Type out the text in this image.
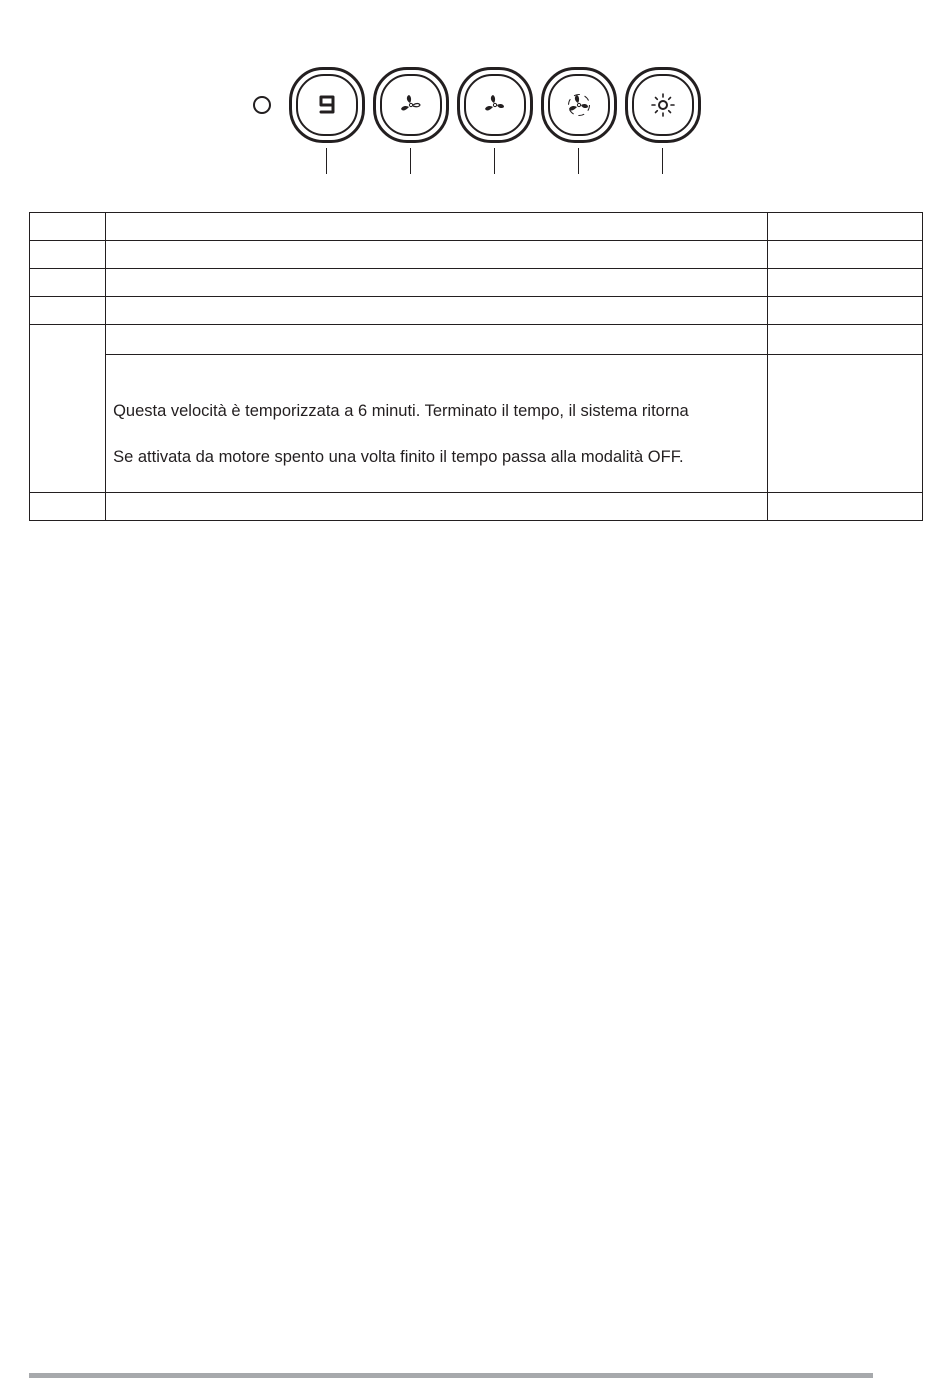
	Questa velocità è temporizzata a 6 minuti. Terminato il tempo, il sistema ritorna
Se attivata da motore spento una volta finito il tempo passa alla modalità OFF.	
